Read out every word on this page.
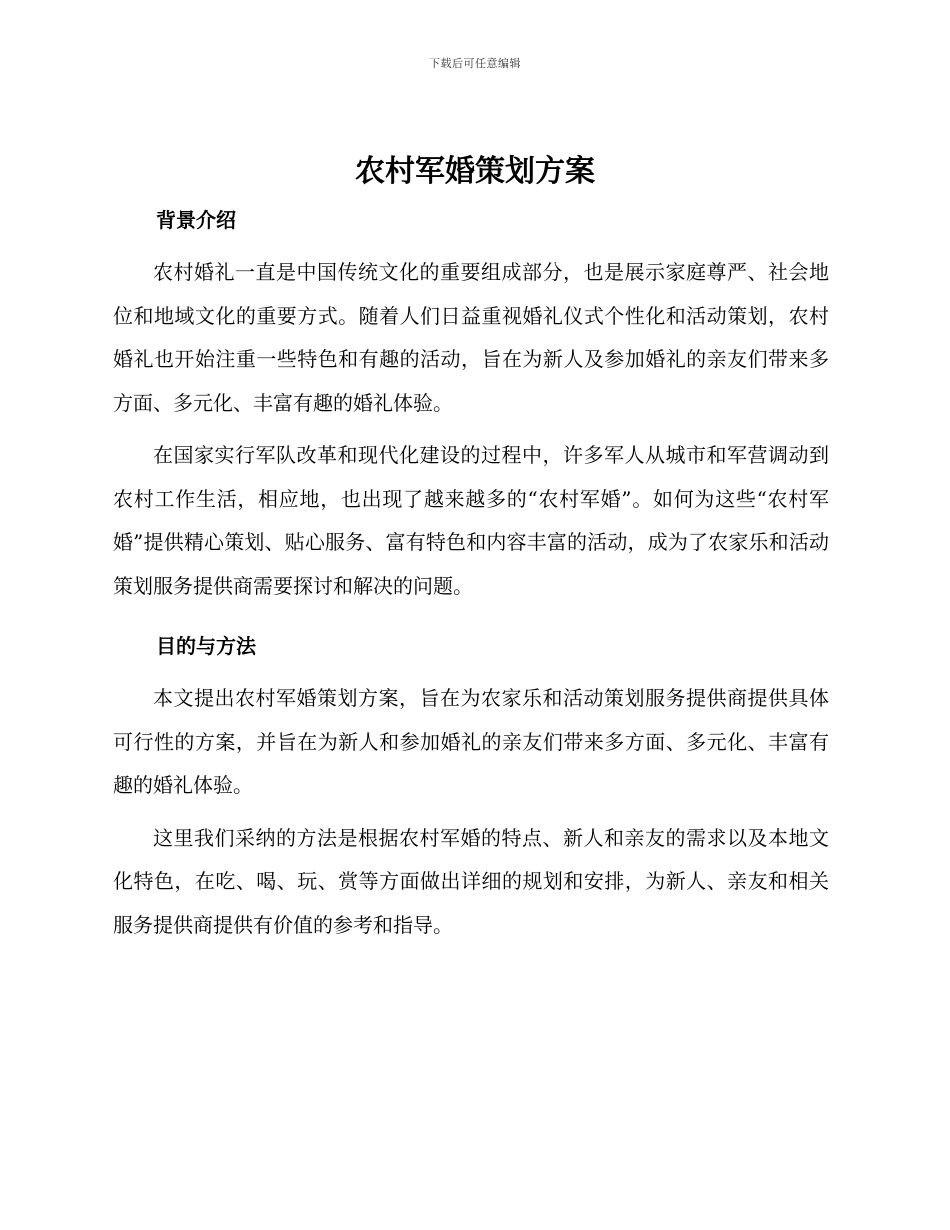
下载后可任意编辑
农村军婚策划方案
背景介绍

农村婚礼一直是中国传统文化的重要组成部分，也是展示家庭尊严、社会地位和地域文化的重要方式。随着人们日益重视婚礼仪式个性化和活动策划，农村婚礼也开始注重一些特色和有趣的活动，旨在为新人及参加婚礼的亲友们带来多方面、多元化、丰富有趣的婚礼体验。

在国家实行军队改革和现代化建设的过程中，许多军人从城市和军营调动到农村工作生活，相应地，也出现了越来越多的“农村军婚”。如何为这些“农村军婚”提供精心策划、贴心服务、富有特色和内容丰富的活动，成为了农家乐和活动策划服务提供商需要探讨和解决的问题。

目的与方法

本文提出农村军婚策划方案，旨在为农家乐和活动策划服务提供商提供具体可行性的方案，并旨在为新人和参加婚礼的亲友们带来多方面、多元化、丰富有趣的婚礼体验。

这里我们采纳的方法是根据农村军婚的特点、新人和亲友的需求以及本地文化特色，在吃、喝、玩、赏等方面做出详细的规划和安排，为新人、亲友和相关服务提供商提供有价值的参考和指导。
